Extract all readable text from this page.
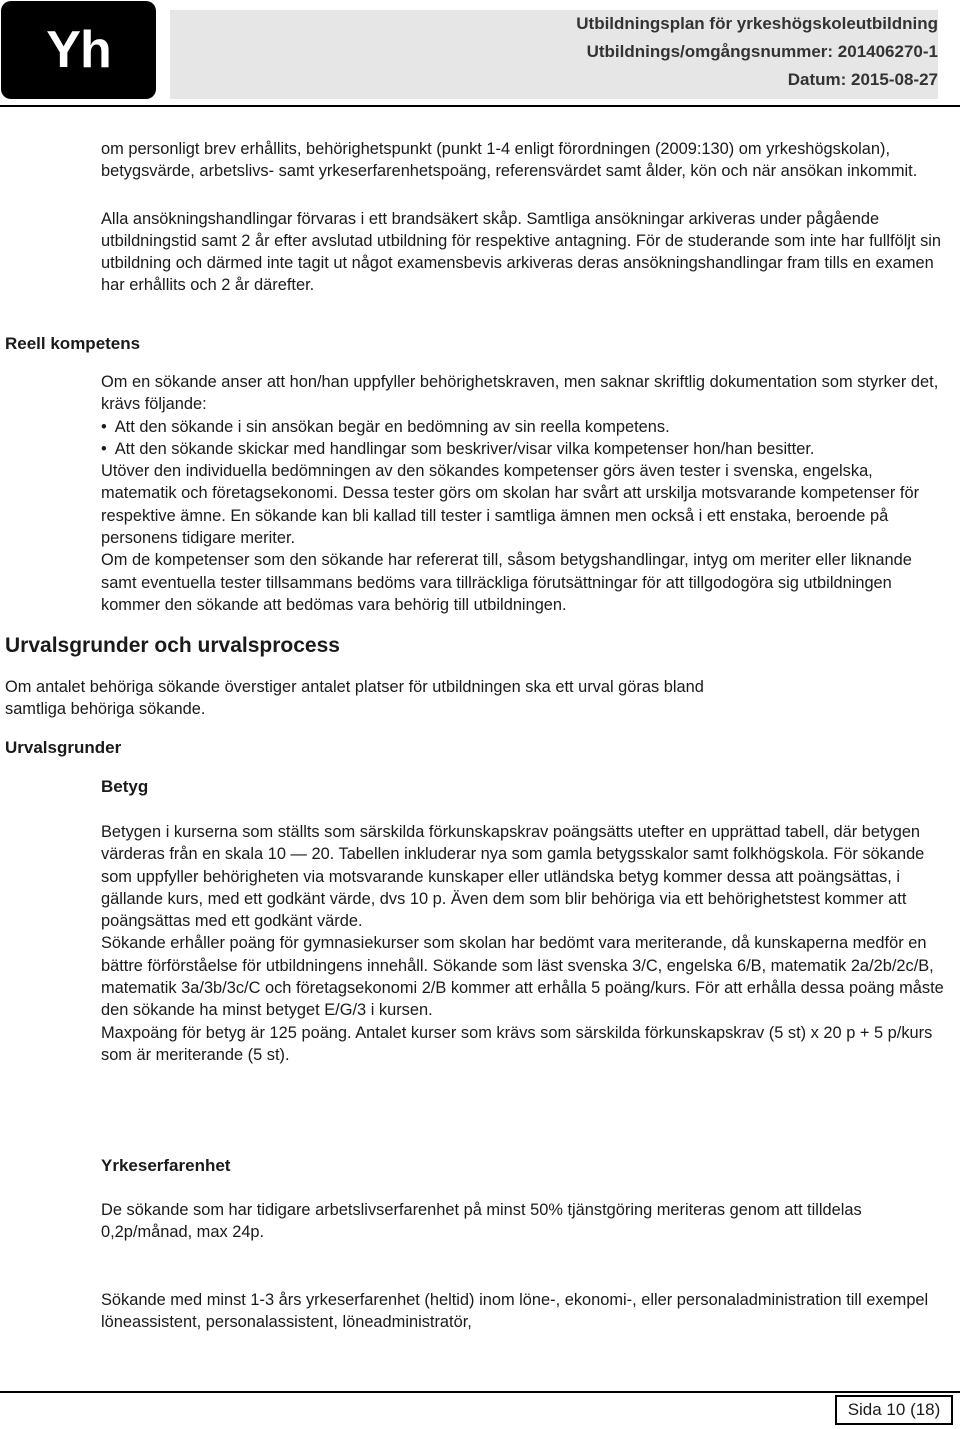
Yh	Utbildningsplan för yrkeshögskoleutbildning
Utbildnings/omgångsnummer: 201406270-1
Datum: 2015-08-27

om personligt brev erhållits, behörighetspunkt (punkt 1-4 enligt förordningen (2009:130) om yrkeshögskolan), betygsvärde, arbetslivs- samt yrkeserfarenhetspoäng, referensvärdet samt ålder, kön och när ansökan inkommit.

Alla ansökningshandlingar förvaras i ett brandsäkert skåp. Samtliga ansökningar arkiveras under pågående utbildningstid samt 2 år efter avslutad utbildning för respektive antagning. För de studerande som inte har fullföljt sin utbildning och därmed inte tagit ut något examensbevis arkiveras deras ansökningshandlingar fram tills en examen har erhållits och 2 år därefter.

Reell kompetens

Om en sökande anser att hon/han uppfyller behörighetskraven, men saknar skriftlig dokumentation som styrker det, krävs följande:

• Att den sökande i sin ansökan begär en bedömning av sin reella kompetens.
• Att den sökande skickar med handlingar som beskriver/visar vilka kompetenser hon/han besitter.

Utöver den individuella bedömningen av den sökandes kompetenser görs även tester i svenska, engelska, matematik och företagsekonomi. Dessa tester görs om skolan har svårt att urskilja motsvarande kompetenser för respektive ämne. En sökande kan bli kallad till tester i samtliga ämnen men också i ett enstaka, beroende på personens tidigare meriter.

Om de kompetenser som den sökande har refererat till, såsom betygshandlingar, intyg om meriter eller liknande samt eventuella tester tillsammans bedöms vara tillräckliga förutsättningar för att tillgodogöra sig utbildningen kommer den sökande att bedömas vara behörig till utbildningen.

Urvalsgrunder och urvalsprocess
Om antalet behöriga sökande överstiger antalet platser för utbildningen ska ett urval göras bland samtliga behöriga sökande.
Urvalsgrunder
Betyg

Betygen i kurserna som ställts som särskilda förkunskapskrav poängsätts utefter en upprättad tabell, där betygen värderas från en skala 10 — 20. Tabellen inkluderar nya som gamla betygsskalor samt folkhögskola. För sökande som uppfyller behörigheten via motsvarande kunskaper eller utländska betyg kommer dessa att poängsättas, i gällande kurs, med ett godkänt värde, dvs 10 p. Även dem som blir behöriga via ett behörighetstest kommer att poängsättas med ett godkänt värde.

Sökande erhåller poäng för gymnasiekurser som skolan har bedömt vara meriterande, då kunskaperna medför en bättre förförståelse för utbildningens innehåll. Sökande som läst svenska 3/C, engelska 6/B, matematik 2a/2b/2c/B, matematik 3a/3b/3c/C och företagsekonomi 2/B kommer att erhålla 5 poäng/kurs. För att erhålla dessa poäng måste den sökande ha minst betyget E/G/3 i kursen.

Maxpoäng för betyg är 125 poäng. Antalet kurser som krävs som särskilda förkunskapskrav (5 st) x 20 p + 5 p/kurs som är meriterande (5 st).

Yrkeserfarenhet
De sökande som har tidigare arbetslivserfarenhet på minst 50% tjänstgöring meriteras genom att tilldelas 0,2p/månad, max 24p.
Sökande med minst 1-3 års yrkeserfarenhet (heltid) inom löne-, ekonomi-, eller personaladministration till exempel löneassistent, personalassistent, löneadministratör,
Sida 10 (18)
